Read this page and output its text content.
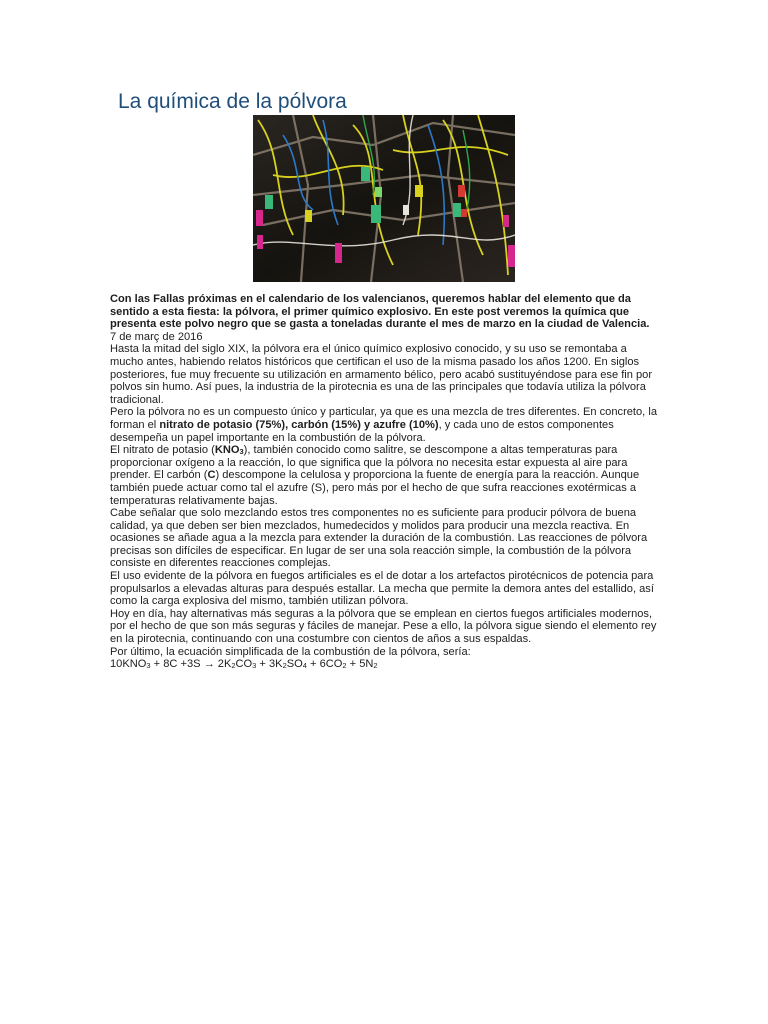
La química de la pólvora

Con las Fallas próximas en el calendario de los valencianos, queremos hablar del elemento que da sentido a esta fiesta: la pólvora, el primer químico explosivo. En este post veremos la química que presenta este polvo negro que se gasta a toneladas durante el mes de marzo en la ciudad de Valencia.

7 de març de 2016

Hasta la mitad del siglo XIX, la pólvora era el único químico explosivo conocido, y su uso se remontaba a mucho antes, habiendo relatos históricos que certifican el uso de la misma pasado los años 1200. En siglos posteriores, fue muy frecuente su utilización en armamento bélico, pero acabó sustituyéndose para ese fin por polvos sin humo. Así pues, la industria de la pirotecnia es una de las principales que todavía utiliza la pólvora tradicional.

Pero la pólvora no es un compuesto único y particular, ya que es una mezcla de tres diferentes. En concreto, la forman el nitrato de potasio (75%), carbón (15%) y azufre (10%), y cada uno de estos componentes desempeña un papel importante en la combustión de la pólvora.

El nitrato de potasio $(KNO_3)$, también conocido como salitre, se descompone a altas temperaturas para proporcionar oxígeno a la reacción, lo que significa que la pólvora no necesita estar expuesta al aire para prender. El carbón (C) descompone la celulosa y proporciona la fuente de energía para la reacción. Aunque también puede actuar como tal el azufre (S), pero más por el hecho de que sufra reacciones exotérmicas a temperaturas relativamente bajas.

Cabe señalar que solo mezclando estos tres componentes no es suficiente para producir pólvora de buena calidad, ya que deben ser bien mezclados, humedecidos y molidos para producir una mezcla reactiva. En ocasiones se añade agua a la mezcla para extender la duración de la combustión. Las reacciones de pólvora precisas son difíciles de especificar. En lugar de ser una sola reacción simple, la combustión de la pólvora consiste en diferentes reacciones complejas.

El uso evidente de la pólvora en fuegos artificiales es el de dotar a los artefactos pirotécnicos de potencia para propulsarlos a elevadas alturas para después estallar. La mecha que permite la demora antes del estallido, así como la carga explosiva del mismo, también utilizan pólvora.

Hoy en día, hay alternativas más seguras a la pólvora que se emplean en ciertos fuegos artificiales modernos, por el hecho de que son más seguras y fáciles de manejar. Pese a ello, la pólvora sigue siendo el elemento rey en la pirotecnia, continuando con una costumbre con cientos de años a sus espaldas.

Por último, la ecuación simplificada de la combustión de la pólvora, sería:

$10KNO_3 + 8C +3S \to 2K_2CO_3 + 3K_2SO_4 + 6CO_2 + 5N_2$
